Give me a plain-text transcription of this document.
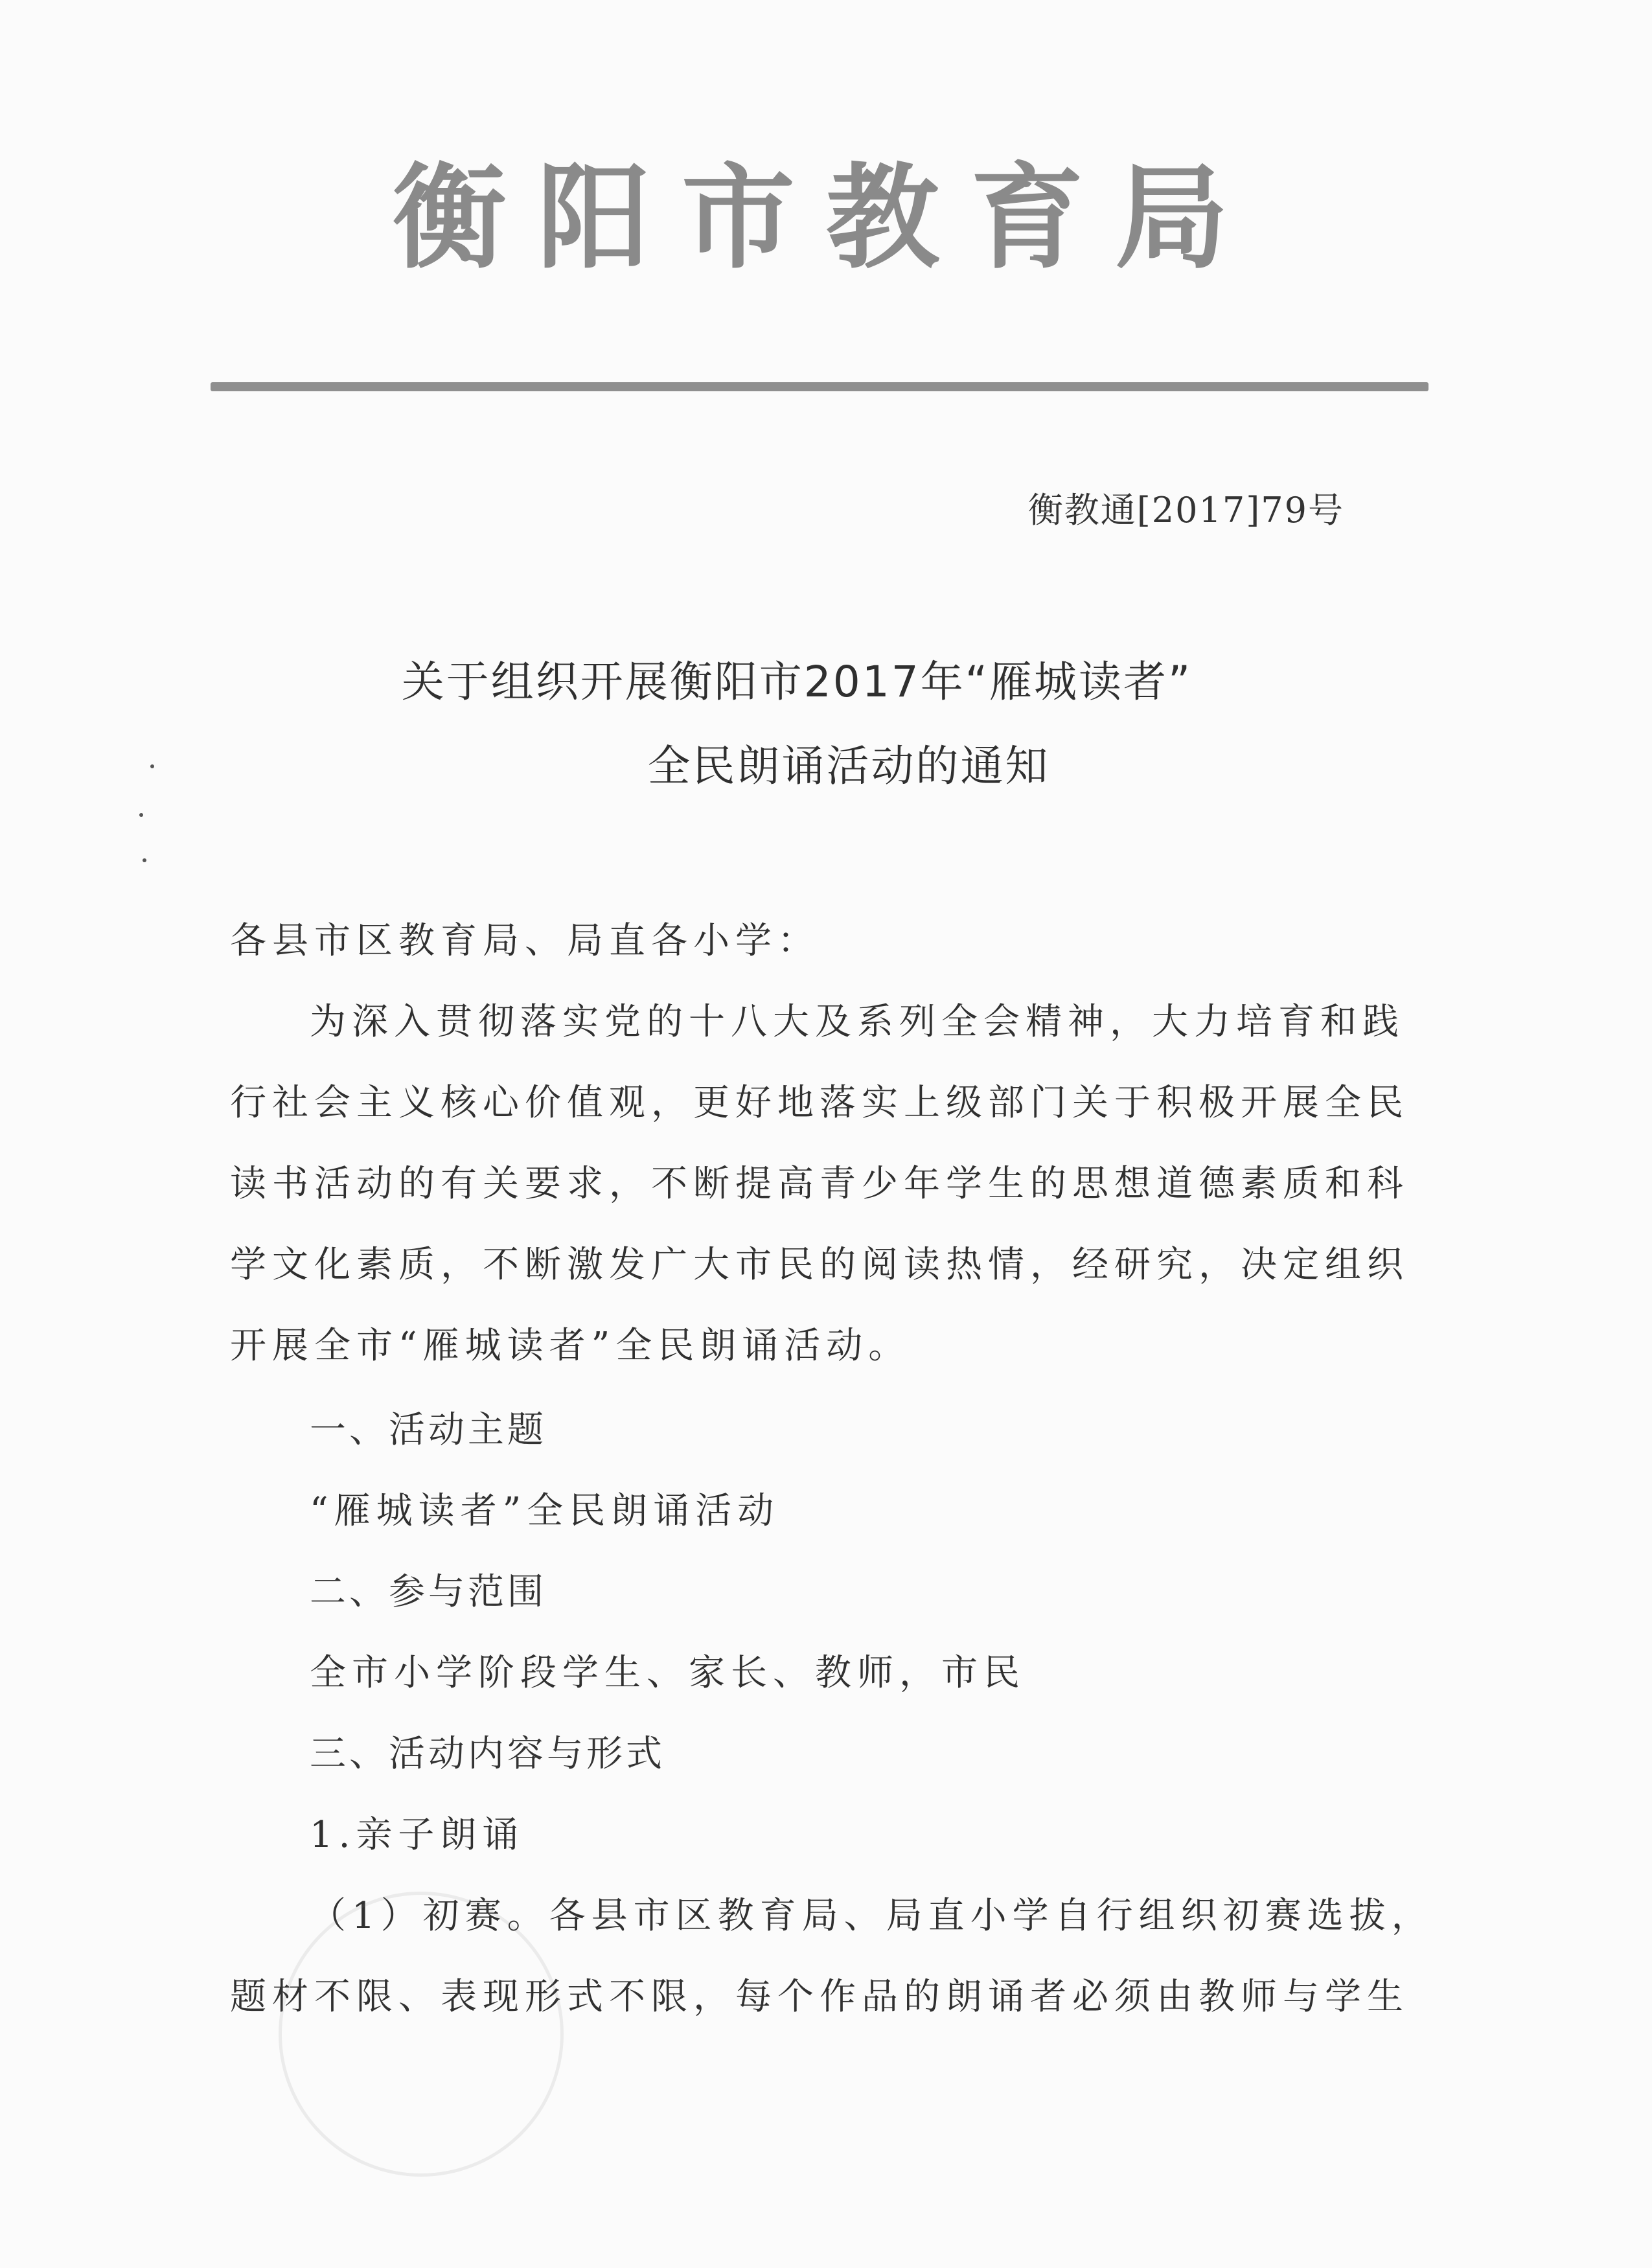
衡阳市教育局
衡教通[2017]79号
关于组织开展衡阳市2017年“雁城读者”
全民朗诵活动的通知
各县市区教育局、局直各小学：
为深入贯彻落实党的十八大及系列全会精神，大力培育和践
行社会主义核心价值观，更好地落实上级部门关于积极开展全民
读书活动的有关要求，不断提高青少年学生的思想道德素质和科
学文化素质，不断激发广大市民的阅读热情，经研究，决定组织
开展全市“雁城读者”全民朗诵活动。
一、活动主题
“雁城读者”全民朗诵活动
二、参与范围
全市小学阶段学生、家长、教师，市民
三、活动内容与形式
1.亲子朗诵
（1）初赛。各县市区教育局、局直小学自行组织初赛选拔，
题材不限、表现形式不限，每个作品的朗诵者必须由教师与学生
